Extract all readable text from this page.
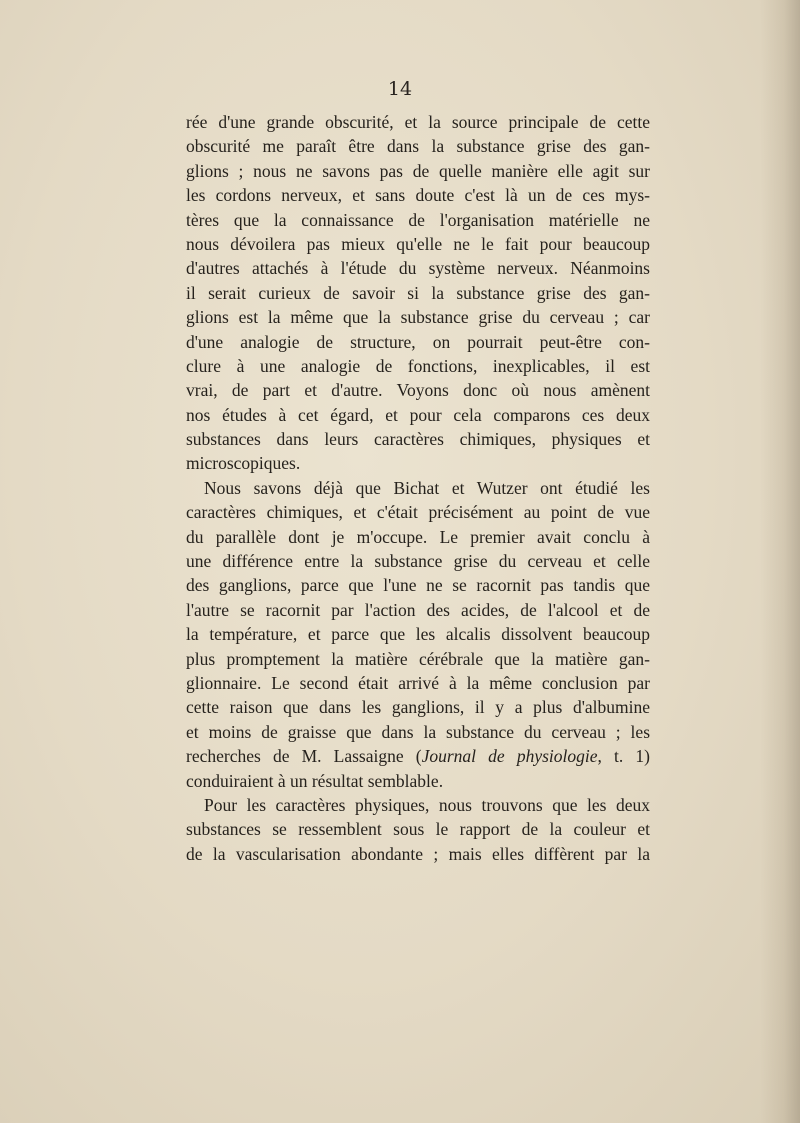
14

rée d'une grande obscurité, et la source principale de cette
obscurité me paraît être dans la substance grise des gan-
glions ; nous ne savons pas de quelle manière elle agit sur
les cordons nerveux, et sans doute c'est là un de ces mys-
tères que la connaissance de l'organisation matérielle ne
nous dévoilera pas mieux qu'elle ne le fait pour beaucoup
d'autres attachés à l'étude du système nerveux. Néanmoins
il serait curieux de savoir si la substance grise des gan-
glions est la même que la substance grise du cerveau ; car
d'une analogie de structure, on pourrait peut-être con-
clure à une analogie de fonctions, inexplicables, il est
vrai, de part et d'autre. Voyons donc où nous amènent
nos études à cet égard, et pour cela comparons ces deux
substances dans leurs caractères chimiques, physiques et
microscopiques.
Nous savons déjà que Bichat et Wutzer ont étudié les
caractères chimiques, et c'était précisément au point de vue
du parallèle dont je m'occupe. Le premier avait conclu à
une différence entre la substance grise du cerveau et celle
des ganglions, parce que l'une ne se racornit pas tandis que
l'autre se racornit par l'action des acides, de l'alcool et de
la température, et parce que les alcalis dissolvent beaucoup
plus promptement la matière cérébrale que la matière gan-
glionnaire. Le second était arrivé à la même conclusion par
cette raison que dans les ganglions, il y a plus d'albumine
et moins de graisse que dans la substance du cerveau ; les
recherches de M. Lassaigne (Journal de physiologie, t. 1)
conduiraient à un résultat semblable.
Pour les caractères physiques, nous trouvons que les deux
substances se ressemblent sous le rapport de la couleur et
de la vascularisation abondante ; mais elles diffèrent par la
